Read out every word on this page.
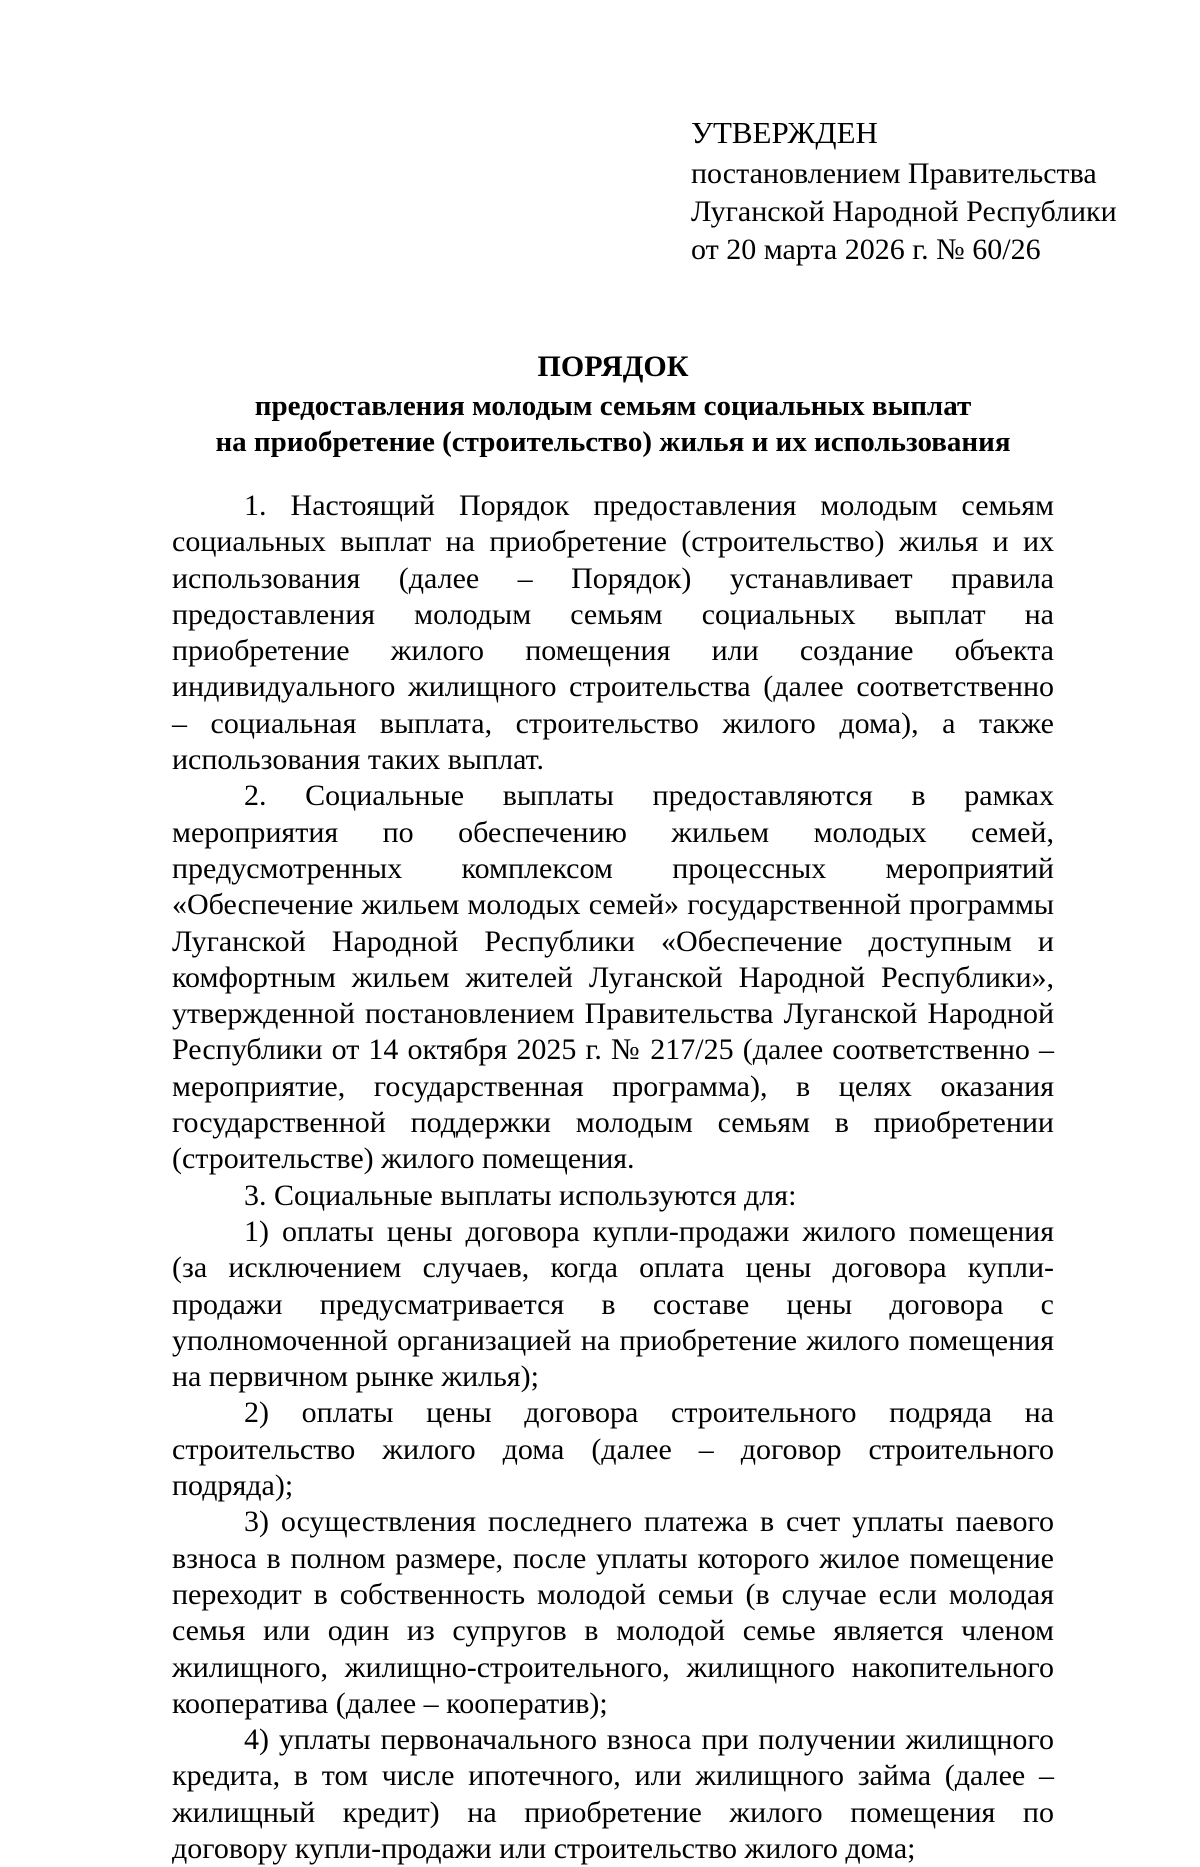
УТВЕРЖДЕН
постановлением Правительства
Луганской Народной Республики
от 20 марта 2026 г. № 60/26
ПОРЯДОК
предоставления молодым семьям социальных выплат
на приобретение (строительство) жилья и их использования

1. Настоящий Порядок предоставления молодым семьям социальных выплат на приобретение (строительство) жилья и их использования (далее – Порядок) устанавливает правила предоставления молодым семьям социальных выплат на приобретение жилого помещения или создание объекта индивидуального жилищного строительства (далее соответственно – социальная выплата, строительство жилого дома), а также использования таких выплат.

2. Социальные выплаты предоставляются в рамках мероприятия по обеспечению жильем молодых семей, предусмотренных комплексом процессных мероприятий «Обеспечение жильем молодых семей» государственной программы Луганской Народной Республики «Обеспечение доступным и комфортным жильем жителей Луганской Народной Республики», утвержденной постановлением Правительства Луганской Народной Республики от 14 октября 2025 г. № 217/25 (далее соответственно – мероприятие, государственная программа), в целях оказания государственной поддержки молодым семьям в приобретении (строительстве) жилого помещения.

3. Социальные выплаты используются для:

1) оплаты цены договора купли-продажи жилого помещения (за исключением случаев, когда оплата цены договора купли-продажи предусматривается в составе цены договора с уполномоченной организацией на приобретение жилого помещения на первичном рынке жилья);

2) оплаты цены договора строительного подряда на строительство жилого дома (далее – договор строительного подряда);

3) осуществления последнего платежа в счет уплаты паевого взноса в полном размере, после уплаты которого жилое помещение переходит в собственность молодой семьи (в случае если молодая семья или один из супругов в молодой семье является членом жилищного, жилищно-строительного, жилищного накопительного кооператива (далее – кооператив);

4) уплаты первоначального взноса при получении жилищного кредита, в том числе ипотечного, или жилищного займа (далее – жилищный кредит) на приобретение жилого помещения по договору купли-продажи или строительство жилого дома;
